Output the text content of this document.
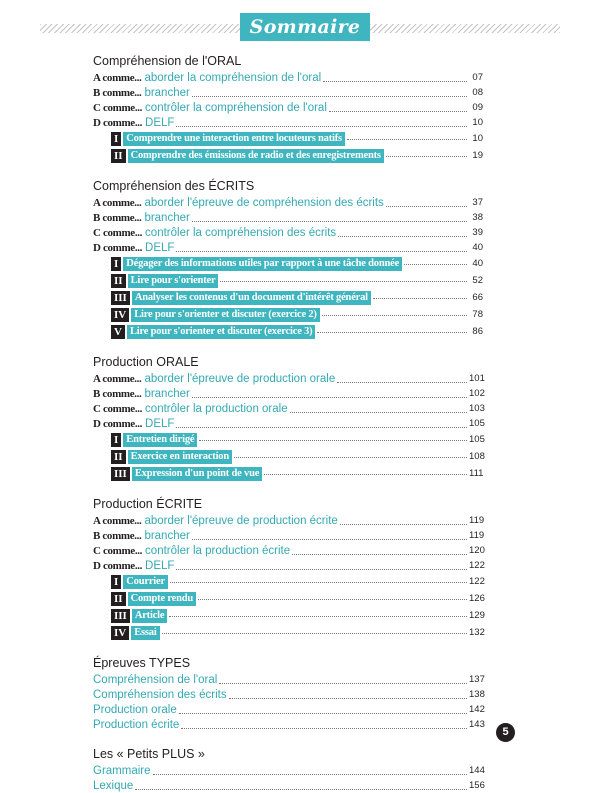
Sommaire
Compréhension de l'ORAL
A comme... aborder la compréhension de l'oral	07
B comme... brancher	08
C comme... contrôler la compréhension de l'oral	09
D comme... DELF	10
I Comprendre une interaction entre locuteurs natifs	10
II Comprendre des émissions de radio et des enregistrements	19
Compréhension des ÉCRITS
A comme... aborder l'épreuve de compréhension des écrits	37
B comme... brancher	38
C comme... contrôler la compréhension des écrits	39
D comme... DELF	40
I Dégager des informations utiles par rapport à une tâche donnée	40
II Lire pour s'orienter	52
III Analyser les contenus d'un document d'intérêt général	66
IV Lire pour s'orienter et discuter (exercice 2)	78
V Lire pour s'orienter et discuter (exercice 3)	86
Production ORALE
A comme... aborder l'épreuve de production orale	101
B comme... brancher	102
C comme... contrôler la production orale	103
D comme... DELF	105
I Entretien dirigé	105
II Exercice en interaction	108
III Expression d'un point de vue	111
Production ÉCRITE
A comme... aborder l'épreuve de production écrite	119
B comme... brancher	119
C comme... contrôler la production écrite	120
D comme... DELF	122
I Courrier	122
II Compte rendu	126
III Article	129
IV Essai	132
Épreuves TYPES
Compréhension de l'oral	137
Compréhension des écrits	138
Production orale	142
Production écrite	143
Les « Petits PLUS »
Grammaire	144
Lexique	156
5
